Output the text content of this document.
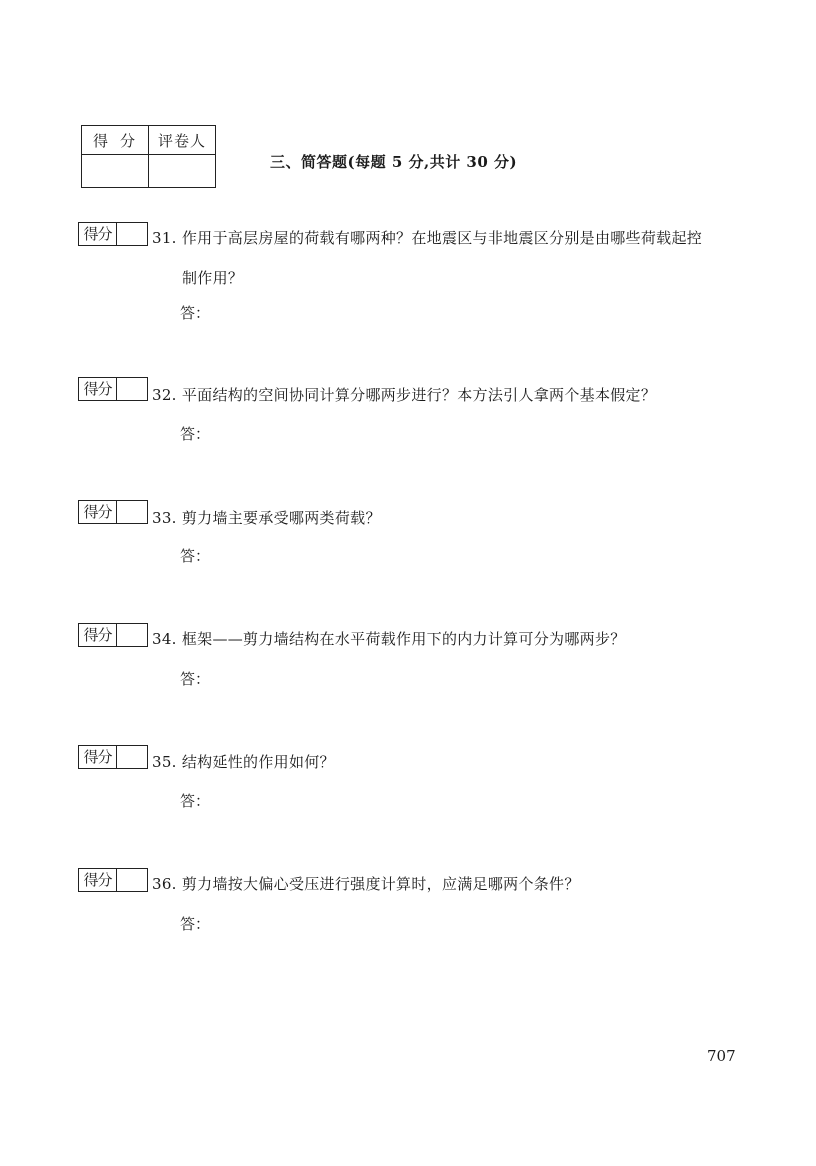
得分	评卷人

三、简答题(每题 5 分,共计 30 分)
得分	31. 作用于高层房屋的荷载有哪两种？在地震区与非地震区分别是由哪些荷载起控
制作用？
答：
得分	32. 平面结构的空间协同计算分哪两步进行？本方法引人拿两个基本假定？
答：
得分	33. 剪力墙主要承受哪两类荷载？
答：
得分	34. 框架——剪力墙结构在水平荷载作用下的内力计算可分为哪两步？
答：
得分	35. 结构延性的作用如何？
答：
得分	36. 剪力墙按大偏心受压进行强度计算时，应满足哪两个条件？
答：
707
